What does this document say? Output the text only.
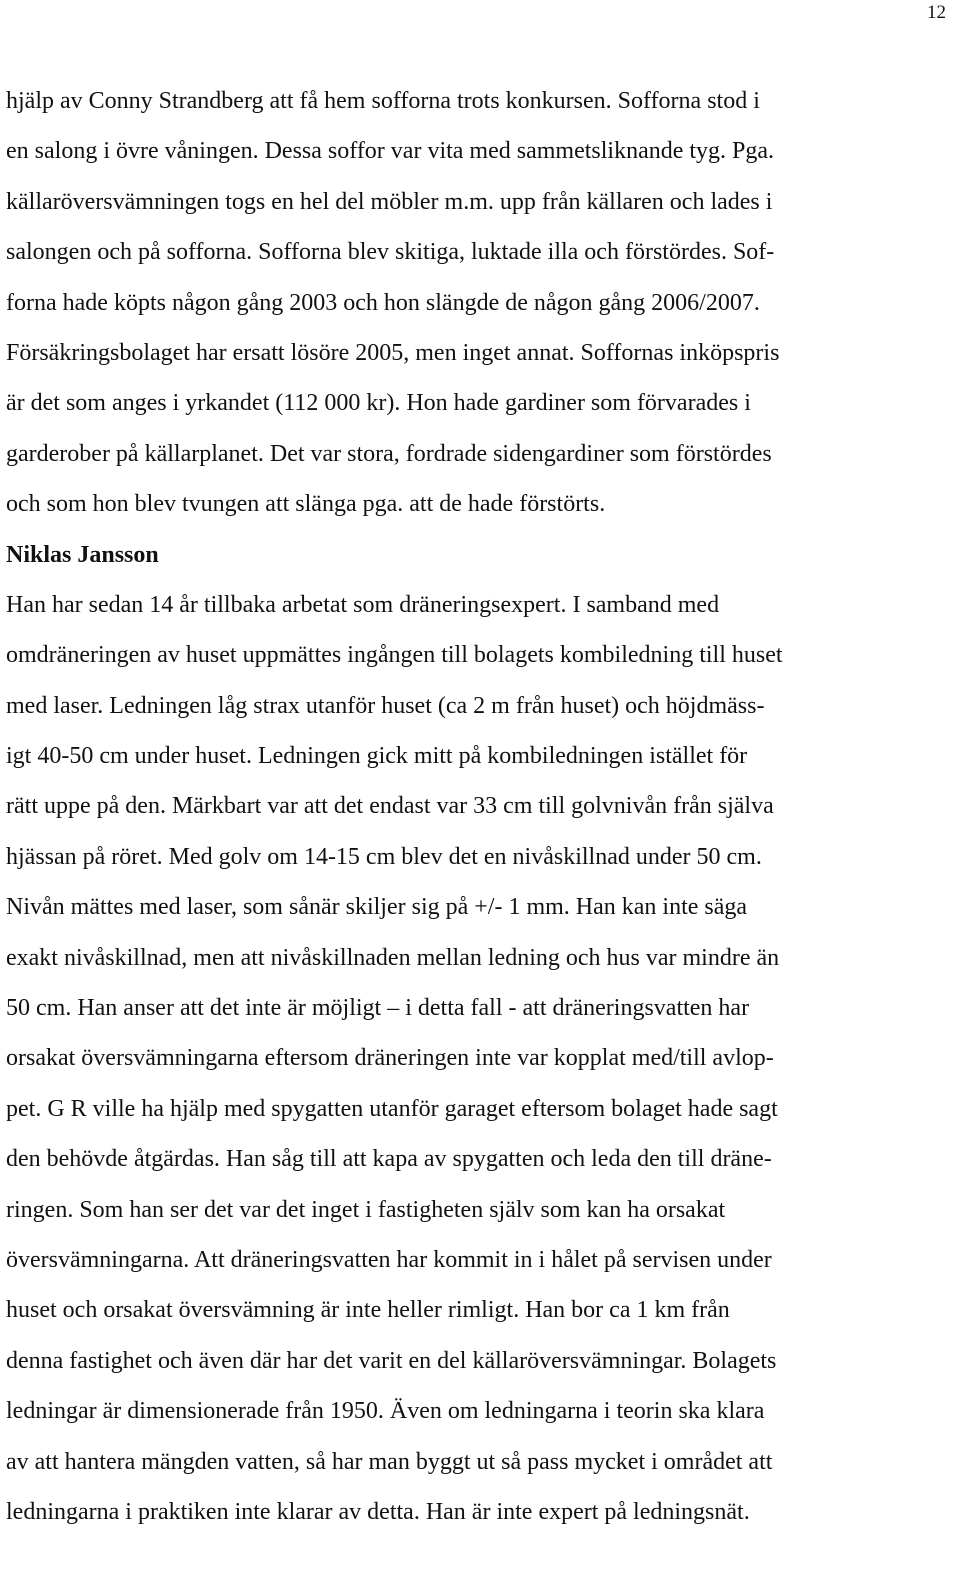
12
hjälp av Conny Strandberg att få hem sofforna trots konkursen. Sofforna stod i
en salong i övre våningen. Dessa soffor var vita med sammetsliknande tyg. Pga.
källaröversvämningen togs en hel del möbler m.m. upp från källaren och lades i
salongen och på sofforna. Sofforna blev skitiga, luktade illa och förstördes. Sof-
forna hade köpts någon gång 2003 och hon slängde de någon gång 2006/2007.
Försäkringsbolaget har ersatt lösöre 2005, men inget annat. Soffornas inköpspris
är det som anges i yrkandet (112 000 kr). Hon hade gardiner som förvarades i
garderober på källarplanet. Det var stora, fordrade sidengardiner som förstördes
och som hon blev tvungen att slänga pga. att de hade förstörts.
Niklas Jansson
Han har sedan 14 år tillbaka arbetat som dräneringsexpert. I samband med
omdräneringen av huset uppmättes ingången till bolagets kombiledning till huset
med laser. Ledningen låg strax utanför huset (ca 2 m från huset) och höjdmäss-
igt 40-50 cm under huset. Ledningen gick mitt på kombiledningen istället för
rätt uppe på den. Märkbart var att det endast var 33 cm till golvnivån från själva
hjässan på röret. Med golv om 14-15 cm blev det en nivåskillnad under 50 cm.
Nivån mättes med laser, som sånär skiljer sig på +/- 1 mm. Han kan inte säga
exakt nivåskillnad, men att nivåskillnaden mellan ledning och hus var mindre än
50 cm. Han anser att det inte är möjligt – i detta fall - att dräneringsvatten har
orsakat översvämningarna eftersom dräneringen inte var kopplat med/till avlop-
pet. G R ville ha hjälp med spygatten utanför garaget eftersom bolaget hade sagt
den behövde åtgärdas. Han såg till att kapa av spygatten och leda den till dräne-
ringen. Som han ser det var det inget i fastigheten själv som kan ha orsakat
översvämningarna. Att dräneringsvatten har kommit in i hålet på servisen under
huset och orsakat översvämning är inte heller rimligt. Han bor ca 1 km från
denna fastighet och även där har det varit en del källaröversvämningar. Bolagets
ledningar är dimensionerade från 1950. Även om ledningarna i teorin ska klara
av att hantera mängden vatten, så har man byggt ut så pass mycket i området att
ledningarna i praktiken inte klarar av detta. Han är inte expert på ledningsnät.
